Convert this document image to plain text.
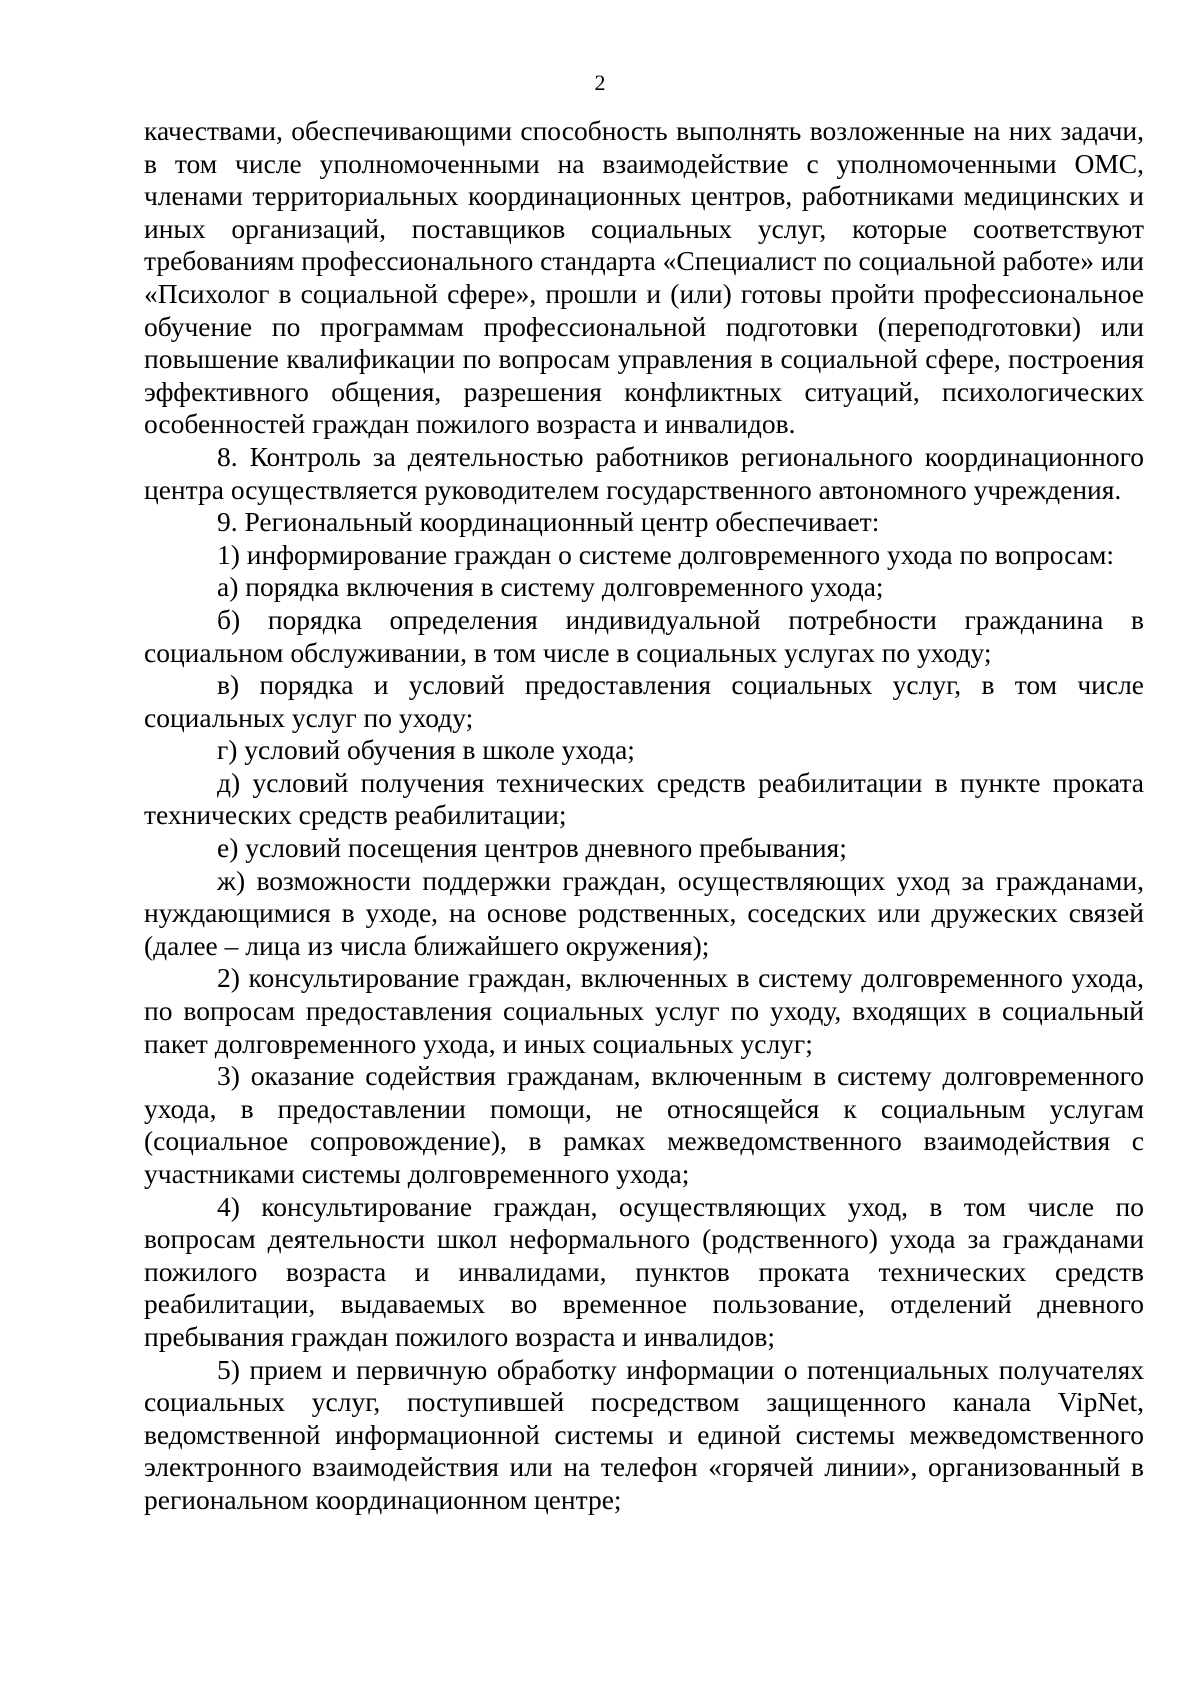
2

качествами, обеспечивающими способность выполнять возложенные на них задачи, в том числе уполномоченными на взаимодействие с уполномоченными ОМС, членами территориальных координационных центров, работниками медицинских и иных организаций, поставщиков социальных услуг, которые соответствуют требованиям профессионального стандарта «Специалист по социальной работе» или «Психолог в социальной сфере», прошли и (или) готовы пройти профессиональное обучение по программам профессиональной подготовки (переподготовки) или повышение квалификации по вопросам управления в социальной сфере, построения эффективного общения, разрешения конфликтных ситуаций, психологических особенностей граждан пожилого возраста и инвалидов.

8. Контроль за деятельностью работников регионального координационного центра осуществляется руководителем государственного автономного учреждения.

9. Региональный координационный центр обеспечивает:

1) информирование граждан о системе долговременного ухода по вопросам:

а) порядка включения в систему долговременного ухода;

б) порядка определения индивидуальной потребности гражданина в социальном обслуживании, в том числе в социальных услугах по уходу;

в) порядка и условий предоставления социальных услуг, в том числе социальных услуг по уходу;

г) условий обучения в школе ухода;

д) условий получения технических средств реабилитации в пункте проката технических средств реабилитации;

е) условий посещения центров дневного пребывания;

ж) возможности поддержки граждан, осуществляющих уход за гражданами, нуждающимися в уходе, на основе родственных, соседских или дружеских связей (далее – лица из числа ближайшего окружения);

2) консультирование граждан, включенных в систему долговременного ухода, по вопросам предоставления социальных услуг по уходу, входящих в социальный пакет долговременного ухода, и иных социальных услуг;

3) оказание содействия гражданам, включенным в систему долговременного ухода, в предоставлении помощи, не относящейся к социальным услугам (социальное сопровождение), в рамках межведомственного взаимодействия с участниками системы долговременного ухода;

4) консультирование граждан, осуществляющих уход, в том числе по вопросам деятельности школ неформального (родственного) ухода за гражданами пожилого возраста и инвалидами, пунктов проката технических средств реабилитации, выдаваемых во временное пользование, отделений дневного пребывания граждан пожилого возраста и инвалидов;

5) прием и первичную обработку информации о потенциальных получателях социальных услуг, поступившей посредством защищенного канала VipNet, ведомственной информационной системы и единой системы межведомственного электронного взаимодействия или на телефон «горячей линии», организованный в региональном координационном центре;
